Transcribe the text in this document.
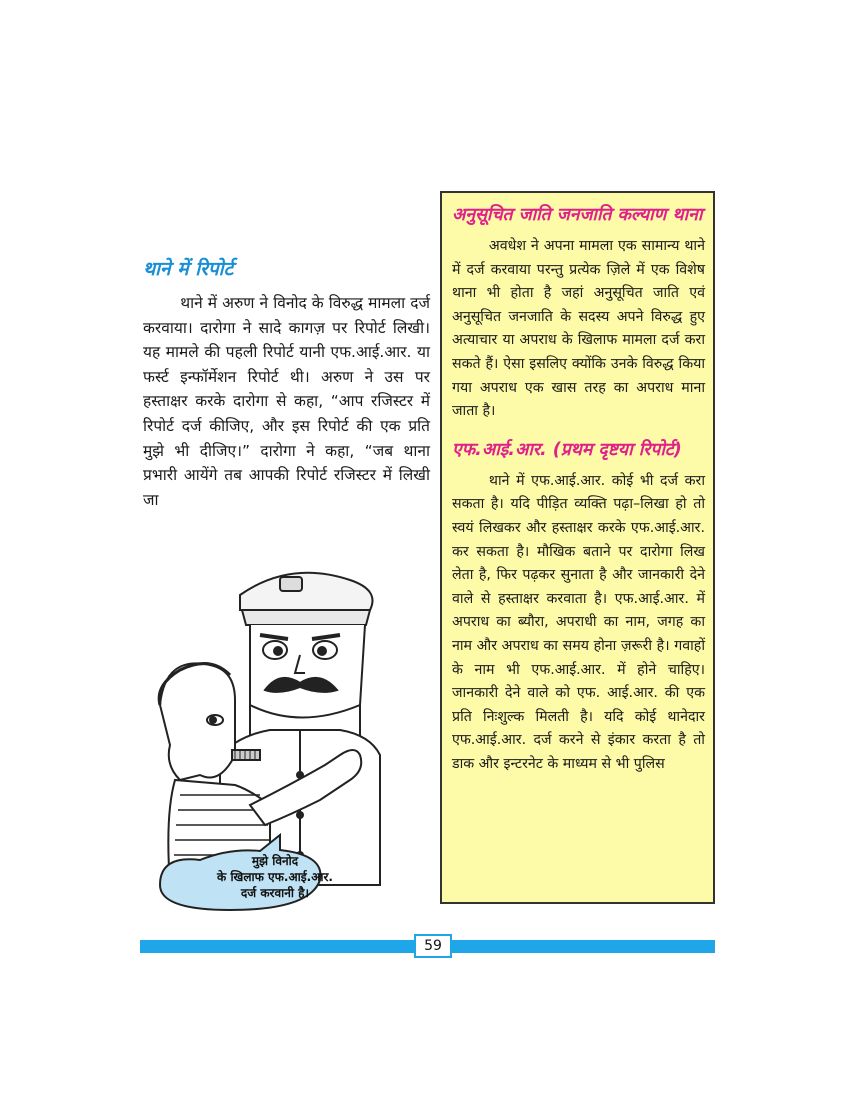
थाने में रिपोर्ट

थाने में अरुण ने विनोद के विरुद्ध मामला दर्ज करवाया। दारोगा ने सादे कागज़ पर रिपोर्ट लिखी। यह मामले की पहली रिपोर्ट यानी एफ.आई.आर. या फर्स्ट इन्फॉर्मेशन रिपोर्ट थी। अरुण ने उस पर हस्ताक्षर करके दारोगा से कहा, “आप रजिस्टर में रिपोर्ट दर्ज कीजिए, और इस रिपोर्ट की एक प्रति मुझे भी दीजिए।” दारोगा ने कहा, “जब थाना प्रभारी आयेंगे तब आपकी रिपोर्ट रजिस्टर में लिखी जा

मुझे विनोद
के खिलाफ एफ.आई.आर.
दर्ज करवानी है।
अनुसूचित जाति जनजाति कल्याण थाना

अवधेश ने अपना मामला एक सामान्य थाने में दर्ज करवाया परन्तु प्रत्येक ज़िले में एक विशेष थाना भी होता है जहां अनुसूचित जाति एवं अनुसूचित जनजाति के सदस्य अपने विरुद्ध हुए अत्याचार या अपराध के खिलाफ मामला दर्ज करा सकते हैं। ऐसा इसलिए क्योंकि उनके विरुद्ध किया गया अपराध एक खास तरह का अपराध माना जाता है।

एफ.आई.आर. (प्रथम दृष्टया रिपोर्ट)

थाने में एफ.आई.आर. कोई भी दर्ज करा सकता है। यदि पीड़ित व्यक्ति पढ़ा–लिखा हो तो स्वयं लिखकर और हस्ताक्षर करके एफ.आई.आर. कर सकता है। मौखिक बताने पर दारोगा लिख लेता है, फिर पढ़कर सुनाता है और जानकारी देने वाले से हस्ताक्षर करवाता है। एफ.आई.आर. में अपराध का ब्यौरा, अपराधी का नाम, जगह का नाम और अपराध का समय होना ज़रूरी है। गवाहों के नाम भी एफ.आई.आर. में होने चाहिए। जानकारी देने वाले को एफ. आई.आर. की एक प्रति निःशुल्क मिलती है। यदि कोई थानेदार एफ.आई.आर. दर्ज करने से इंकार करता है तो डाक और इन्टरनेट के माध्यम से भी पुलिस

59
